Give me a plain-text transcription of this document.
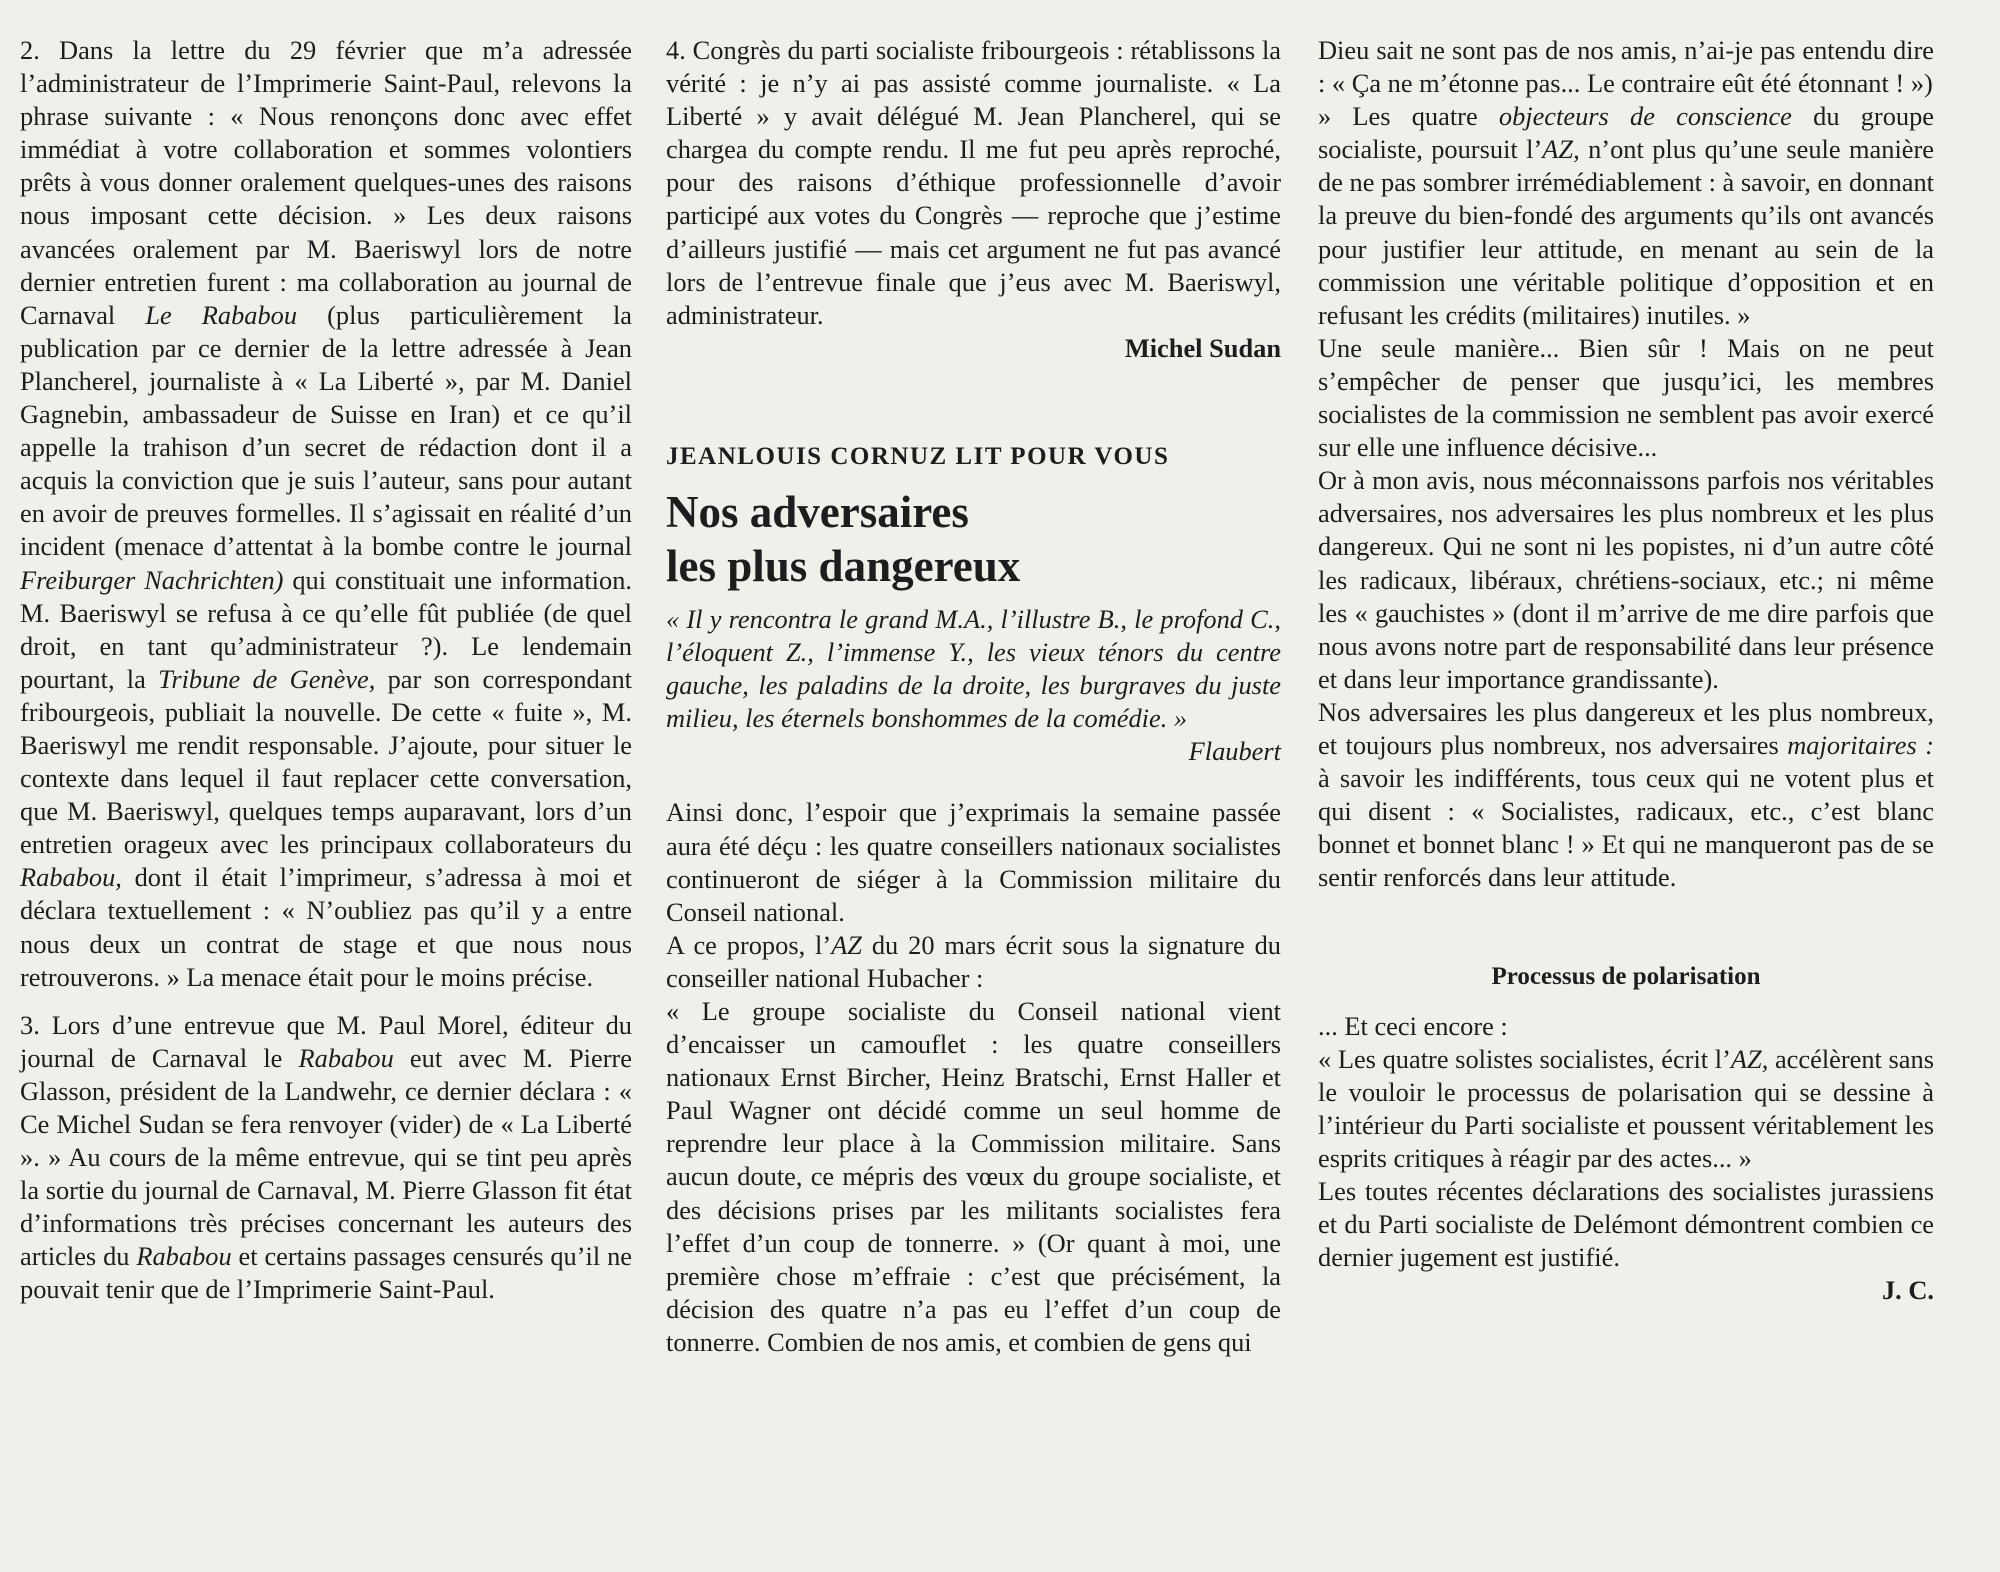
2. Dans la lettre du 29 février que m’a adressée l’administrateur de l’Imprimerie Saint-Paul, relevons la phrase suivante : « Nous renonçons donc avec effet immédiat à votre collaboration et sommes volontiers prêts à vous donner oralement quelques-unes des raisons nous imposant cette décision. » Les deux raisons avancées oralement par M. Baeriswyl lors de notre dernier entretien furent : ma collaboration au journal de Carnaval Le Rababou (plus particulièrement la publication par ce dernier de la lettre adressée à Jean Plancherel, journaliste à « La Liberté », par M. Daniel Gagnebin, ambassadeur de Suisse en Iran) et ce qu’il appelle la trahison d’un secret de rédaction dont il a acquis la conviction que je suis l’auteur, sans pour autant en avoir de preuves formelles. Il s’agissait en réalité d’un incident (menace d’attentat à la bombe contre le journal Freiburger Nachrichten) qui constituait une information. M. Baeriswyl se refusa à ce qu’elle fût publiée (de quel droit, en tant qu’administrateur ?). Le lendemain pourtant, la Tribune de Genève, par son correspondant fribourgeois, publiait la nouvelle. De cette « fuite », M. Baeriswyl me rendit responsable. J’ajoute, pour situer le contexte dans lequel il faut replacer cette conversation, que M. Baeriswyl, quelques temps auparavant, lors d’un entretien orageux avec les principaux collaborateurs du Rababou, dont il était l’imprimeur, s’adressa à moi et déclara textuellement : « N’oubliez pas qu’il y a entre nous deux un contrat de stage et que nous nous retrouverons. » La menace était pour le moins précise.

3. Lors d’une entrevue que M. Paul Morel, éditeur du journal de Carnaval le Rababou eut avec M. Pierre Glasson, président de la Landwehr, ce dernier déclara : « Ce Michel Sudan se fera renvoyer (vider) de « La Liberté ». » Au cours de la même entrevue, qui se tint peu après la sortie du journal de Carnaval, M. Pierre Glasson fit état d’informations très précises concernant les auteurs des articles du Rababou et certains passages censurés qu’il ne pouvait tenir que de l’Imprimerie Saint-Paul.

4. Congrès du parti socialiste fribourgeois : rétablissons la vérité : je n’y ai pas assisté comme journaliste. « La Liberté » y avait délégué M. Jean Plancherel, qui se chargea du compte rendu. Il me fut peu après reproché, pour des raisons d’éthique professionnelle d’avoir participé aux votes du Congrès — reproche que j’estime d’ailleurs justifié — mais cet argument ne fut pas avancé lors de l’entrevue finale que j’eus avec M. Baeriswyl, administrateur.

Michel Sudan

JEANLOUIS CORNUZ LIT POUR VOUS

Nos adversaires
les plus dangereux

« Il y rencontra le grand M.A., l’illustre B., le profond C., l’éloquent Z., l’immense Y., les vieux ténors du centre gauche, les paladins de la droite, les burgraves du juste milieu, les éternels bonshommes de la comédie. »

Flaubert

Ainsi donc, l’espoir que j’exprimais la semaine passée aura été déçu : les quatre conseillers nationaux socialistes continueront de siéger à la Commission militaire du Conseil national.

A ce propos, l’AZ du 20 mars écrit sous la signature du conseiller national Hubacher :

« Le groupe socialiste du Conseil national vient d’encaisser un camouflet : les quatre conseillers nationaux Ernst Bircher, Heinz Bratschi, Ernst Haller et Paul Wagner ont décidé comme un seul homme de reprendre leur place à la Commission militaire. Sans aucun doute, ce mépris des vœux du groupe socialiste, et des décisions prises par les militants socialistes fera l’effet d’un coup de tonnerre. » (Or quant à moi, une première chose m’effraie : c’est que précisément, la décision des quatre n’a pas eu l’effet d’un coup de tonnerre. Combien de nos amis, et combien de gens qui

Dieu sait ne sont pas de nos amis, n’ai-je pas entendu dire : « Ça ne m’étonne pas... Le contraire eût été étonnant ! »)

» Les quatre objecteurs de conscience du groupe socialiste, poursuit l’AZ, n’ont plus qu’une seule manière de ne pas sombrer irrémédiablement : à savoir, en donnant la preuve du bien-fondé des arguments qu’ils ont avancés pour justifier leur attitude, en menant au sein de la commission une véritable politique d’opposition et en refusant les crédits (militaires) inutiles. »

Une seule manière... Bien sûr ! Mais on ne peut s’empêcher de penser que jusqu’ici, les membres socialistes de la commission ne semblent pas avoir exercé sur elle une influence décisive...

Or à mon avis, nous méconnaissons parfois nos véritables adversaires, nos adversaires les plus nombreux et les plus dangereux. Qui ne sont ni les popistes, ni d’un autre côté les radicaux, libéraux, chrétiens-sociaux, etc.; ni même les « gauchistes » (dont il m’arrive de me dire parfois que nous avons notre part de responsabilité dans leur présence et dans leur importance grandissante).

Nos adversaires les plus dangereux et les plus nombreux, et toujours plus nombreux, nos adversaires majoritaires : à savoir les indifférents, tous ceux qui ne votent plus et qui disent : « Socialistes, radicaux, etc., c’est blanc bonnet et bonnet blanc ! » Et qui ne manqueront pas de se sentir renforcés dans leur attitude.

Processus de polarisation

... Et ceci encore :

« Les quatre solistes socialistes, écrit l’AZ, accélèrent sans le vouloir le processus de polarisation qui se dessine à l’intérieur du Parti socialiste et poussent véritablement les esprits critiques à réagir par des actes... »

Les toutes récentes déclarations des socialistes jurassiens et du Parti socialiste de Delémont démontrent combien ce dernier jugement est justifié.

J. C.
